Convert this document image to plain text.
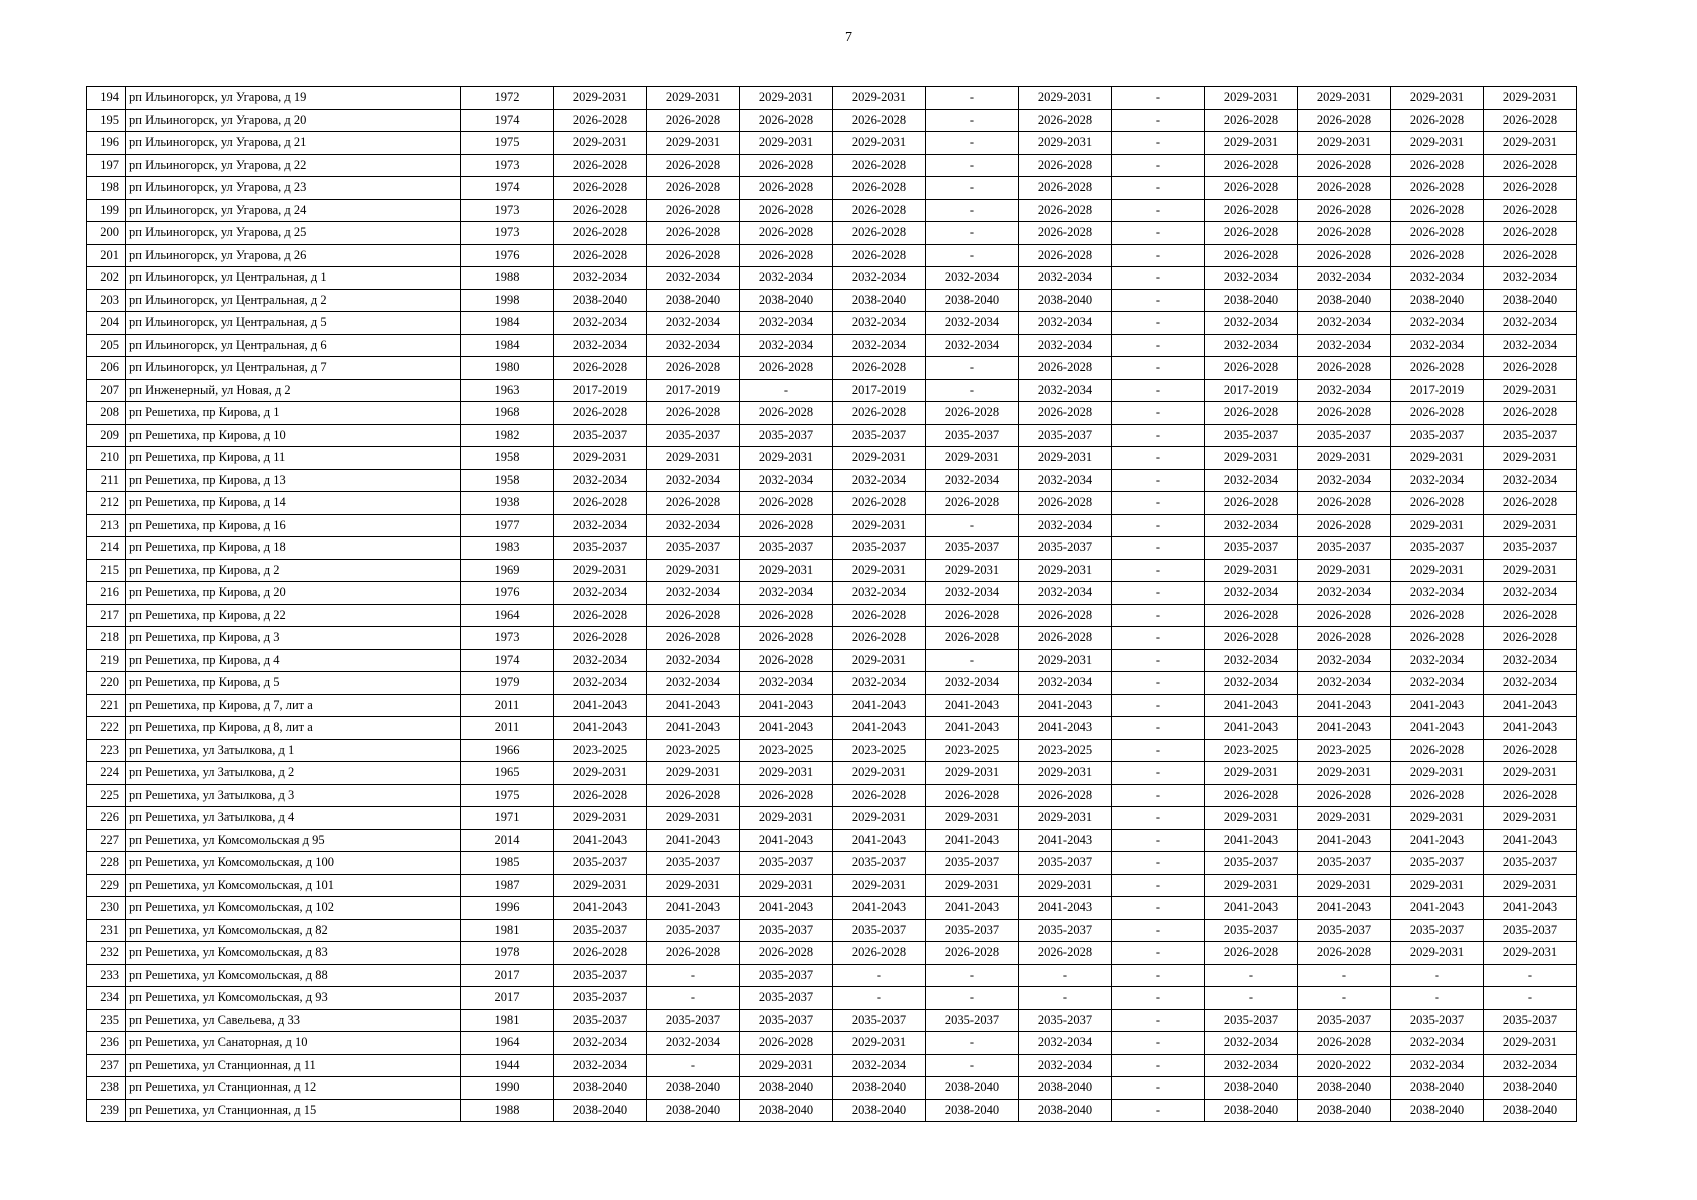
7
194	рп Ильиногорск, ул Угарова, д 19	1972	2029-2031	2029-2031	2029-2031	2029-2031	-	2029-2031	-	2029-2031	2029-2031	2029-2031	2029-2031
195	рп Ильиногорск, ул Угарова, д 20	1974	2026-2028	2026-2028	2026-2028	2026-2028	-	2026-2028	-	2026-2028	2026-2028	2026-2028	2026-2028
196	рп Ильиногорск, ул Угарова, д 21	1975	2029-2031	2029-2031	2029-2031	2029-2031	-	2029-2031	-	2029-2031	2029-2031	2029-2031	2029-2031
197	рп Ильиногорск, ул Угарова, д 22	1973	2026-2028	2026-2028	2026-2028	2026-2028	-	2026-2028	-	2026-2028	2026-2028	2026-2028	2026-2028
198	рп Ильиногорск, ул Угарова, д 23	1974	2026-2028	2026-2028	2026-2028	2026-2028	-	2026-2028	-	2026-2028	2026-2028	2026-2028	2026-2028
199	рп Ильиногорск, ул Угарова, д 24	1973	2026-2028	2026-2028	2026-2028	2026-2028	-	2026-2028	-	2026-2028	2026-2028	2026-2028	2026-2028
200	рп Ильиногорск, ул Угарова, д 25	1973	2026-2028	2026-2028	2026-2028	2026-2028	-	2026-2028	-	2026-2028	2026-2028	2026-2028	2026-2028
201	рп Ильиногорск, ул Угарова, д 26	1976	2026-2028	2026-2028	2026-2028	2026-2028	-	2026-2028	-	2026-2028	2026-2028	2026-2028	2026-2028
202	рп Ильиногорск, ул Центральная, д 1	1988	2032-2034	2032-2034	2032-2034	2032-2034	2032-2034	2032-2034	-	2032-2034	2032-2034	2032-2034	2032-2034
203	рп Ильиногорск, ул Центральная, д 2	1998	2038-2040	2038-2040	2038-2040	2038-2040	2038-2040	2038-2040	-	2038-2040	2038-2040	2038-2040	2038-2040
204	рп Ильиногорск, ул Центральная, д 5	1984	2032-2034	2032-2034	2032-2034	2032-2034	2032-2034	2032-2034	-	2032-2034	2032-2034	2032-2034	2032-2034
205	рп Ильиногорск, ул Центральная, д 6	1984	2032-2034	2032-2034	2032-2034	2032-2034	2032-2034	2032-2034	-	2032-2034	2032-2034	2032-2034	2032-2034
206	рп Ильиногорск, ул Центральная, д 7	1980	2026-2028	2026-2028	2026-2028	2026-2028	-	2026-2028	-	2026-2028	2026-2028	2026-2028	2026-2028
207	рп Инженерный, ул Новая, д 2	1963	2017-2019	2017-2019	-	2017-2019	-	2032-2034	-	2017-2019	2032-2034	2017-2019	2029-2031
208	рп Решетиха, пр Кирова, д 1	1968	2026-2028	2026-2028	2026-2028	2026-2028	2026-2028	2026-2028	-	2026-2028	2026-2028	2026-2028	2026-2028
209	рп Решетиха, пр Кирова, д 10	1982	2035-2037	2035-2037	2035-2037	2035-2037	2035-2037	2035-2037	-	2035-2037	2035-2037	2035-2037	2035-2037
210	рп Решетиха, пр Кирова, д 11	1958	2029-2031	2029-2031	2029-2031	2029-2031	2029-2031	2029-2031	-	2029-2031	2029-2031	2029-2031	2029-2031
211	рп Решетиха, пр Кирова, д 13	1958	2032-2034	2032-2034	2032-2034	2032-2034	2032-2034	2032-2034	-	2032-2034	2032-2034	2032-2034	2032-2034
212	рп Решетиха, пр Кирова, д 14	1938	2026-2028	2026-2028	2026-2028	2026-2028	2026-2028	2026-2028	-	2026-2028	2026-2028	2026-2028	2026-2028
213	рп Решетиха, пр Кирова, д 16	1977	2032-2034	2032-2034	2026-2028	2029-2031	-	2032-2034	-	2032-2034	2026-2028	2029-2031	2029-2031
214	рп Решетиха, пр Кирова, д 18	1983	2035-2037	2035-2037	2035-2037	2035-2037	2035-2037	2035-2037	-	2035-2037	2035-2037	2035-2037	2035-2037
215	рп Решетиха, пр Кирова, д 2	1969	2029-2031	2029-2031	2029-2031	2029-2031	2029-2031	2029-2031	-	2029-2031	2029-2031	2029-2031	2029-2031
216	рп Решетиха, пр Кирова, д 20	1976	2032-2034	2032-2034	2032-2034	2032-2034	2032-2034	2032-2034	-	2032-2034	2032-2034	2032-2034	2032-2034
217	рп Решетиха, пр Кирова, д 22	1964	2026-2028	2026-2028	2026-2028	2026-2028	2026-2028	2026-2028	-	2026-2028	2026-2028	2026-2028	2026-2028
218	рп Решетиха, пр Кирова, д 3	1973	2026-2028	2026-2028	2026-2028	2026-2028	2026-2028	2026-2028	-	2026-2028	2026-2028	2026-2028	2026-2028
219	рп Решетиха, пр Кирова, д 4	1974	2032-2034	2032-2034	2026-2028	2029-2031	-	2029-2031	-	2032-2034	2032-2034	2032-2034	2032-2034
220	рп Решетиха, пр Кирова, д 5	1979	2032-2034	2032-2034	2032-2034	2032-2034	2032-2034	2032-2034	-	2032-2034	2032-2034	2032-2034	2032-2034
221	рп Решетиха, пр Кирова, д 7, лит а	2011	2041-2043	2041-2043	2041-2043	2041-2043	2041-2043	2041-2043	-	2041-2043	2041-2043	2041-2043	2041-2043
222	рп Решетиха, пр Кирова, д 8, лит а	2011	2041-2043	2041-2043	2041-2043	2041-2043	2041-2043	2041-2043	-	2041-2043	2041-2043	2041-2043	2041-2043
223	рп Решетиха, ул Затылкова, д 1	1966	2023-2025	2023-2025	2023-2025	2023-2025	2023-2025	2023-2025	-	2023-2025	2023-2025	2026-2028	2026-2028
224	рп Решетиха, ул Затылкова, д 2	1965	2029-2031	2029-2031	2029-2031	2029-2031	2029-2031	2029-2031	-	2029-2031	2029-2031	2029-2031	2029-2031
225	рп Решетиха, ул Затылкова, д 3	1975	2026-2028	2026-2028	2026-2028	2026-2028	2026-2028	2026-2028	-	2026-2028	2026-2028	2026-2028	2026-2028
226	рп Решетиха, ул Затылкова, д 4	1971	2029-2031	2029-2031	2029-2031	2029-2031	2029-2031	2029-2031	-	2029-2031	2029-2031	2029-2031	2029-2031
227	рп Решетиха, ул Комсомольская д 95	2014	2041-2043	2041-2043	2041-2043	2041-2043	2041-2043	2041-2043	-	2041-2043	2041-2043	2041-2043	2041-2043
228	рп Решетиха, ул Комсомольская, д 100	1985	2035-2037	2035-2037	2035-2037	2035-2037	2035-2037	2035-2037	-	2035-2037	2035-2037	2035-2037	2035-2037
229	рп Решетиха, ул Комсомольская, д 101	1987	2029-2031	2029-2031	2029-2031	2029-2031	2029-2031	2029-2031	-	2029-2031	2029-2031	2029-2031	2029-2031
230	рп Решетиха, ул Комсомольская, д 102	1996	2041-2043	2041-2043	2041-2043	2041-2043	2041-2043	2041-2043	-	2041-2043	2041-2043	2041-2043	2041-2043
231	рп Решетиха, ул Комсомольская, д 82	1981	2035-2037	2035-2037	2035-2037	2035-2037	2035-2037	2035-2037	-	2035-2037	2035-2037	2035-2037	2035-2037
232	рп Решетиха, ул Комсомольская, д 83	1978	2026-2028	2026-2028	2026-2028	2026-2028	2026-2028	2026-2028	-	2026-2028	2026-2028	2029-2031	2029-2031
233	рп Решетиха, ул Комсомольская, д 88	2017	2035-2037	-	2035-2037	-	-	-	-	-	-	-	-
234	рп Решетиха, ул Комсомольская, д 93	2017	2035-2037	-	2035-2037	-	-	-	-	-	-	-	-
235	рп Решетиха, ул Савельева, д 33	1981	2035-2037	2035-2037	2035-2037	2035-2037	2035-2037	2035-2037	-	2035-2037	2035-2037	2035-2037	2035-2037
236	рп Решетиха, ул Санаторная, д 10	1964	2032-2034	2032-2034	2026-2028	2029-2031	-	2032-2034	-	2032-2034	2026-2028	2032-2034	2029-2031
237	рп Решетиха, ул Станционная, д 11	1944	2032-2034	-	2029-2031	2032-2034	-	2032-2034	-	2032-2034	2020-2022	2032-2034	2032-2034
238	рп Решетиха, ул Станционная, д 12	1990	2038-2040	2038-2040	2038-2040	2038-2040	2038-2040	2038-2040	-	2038-2040	2038-2040	2038-2040	2038-2040
239	рп Решетиха, ул Станционная, д 15	1988	2038-2040	2038-2040	2038-2040	2038-2040	2038-2040	2038-2040	-	2038-2040	2038-2040	2038-2040	2038-2040
